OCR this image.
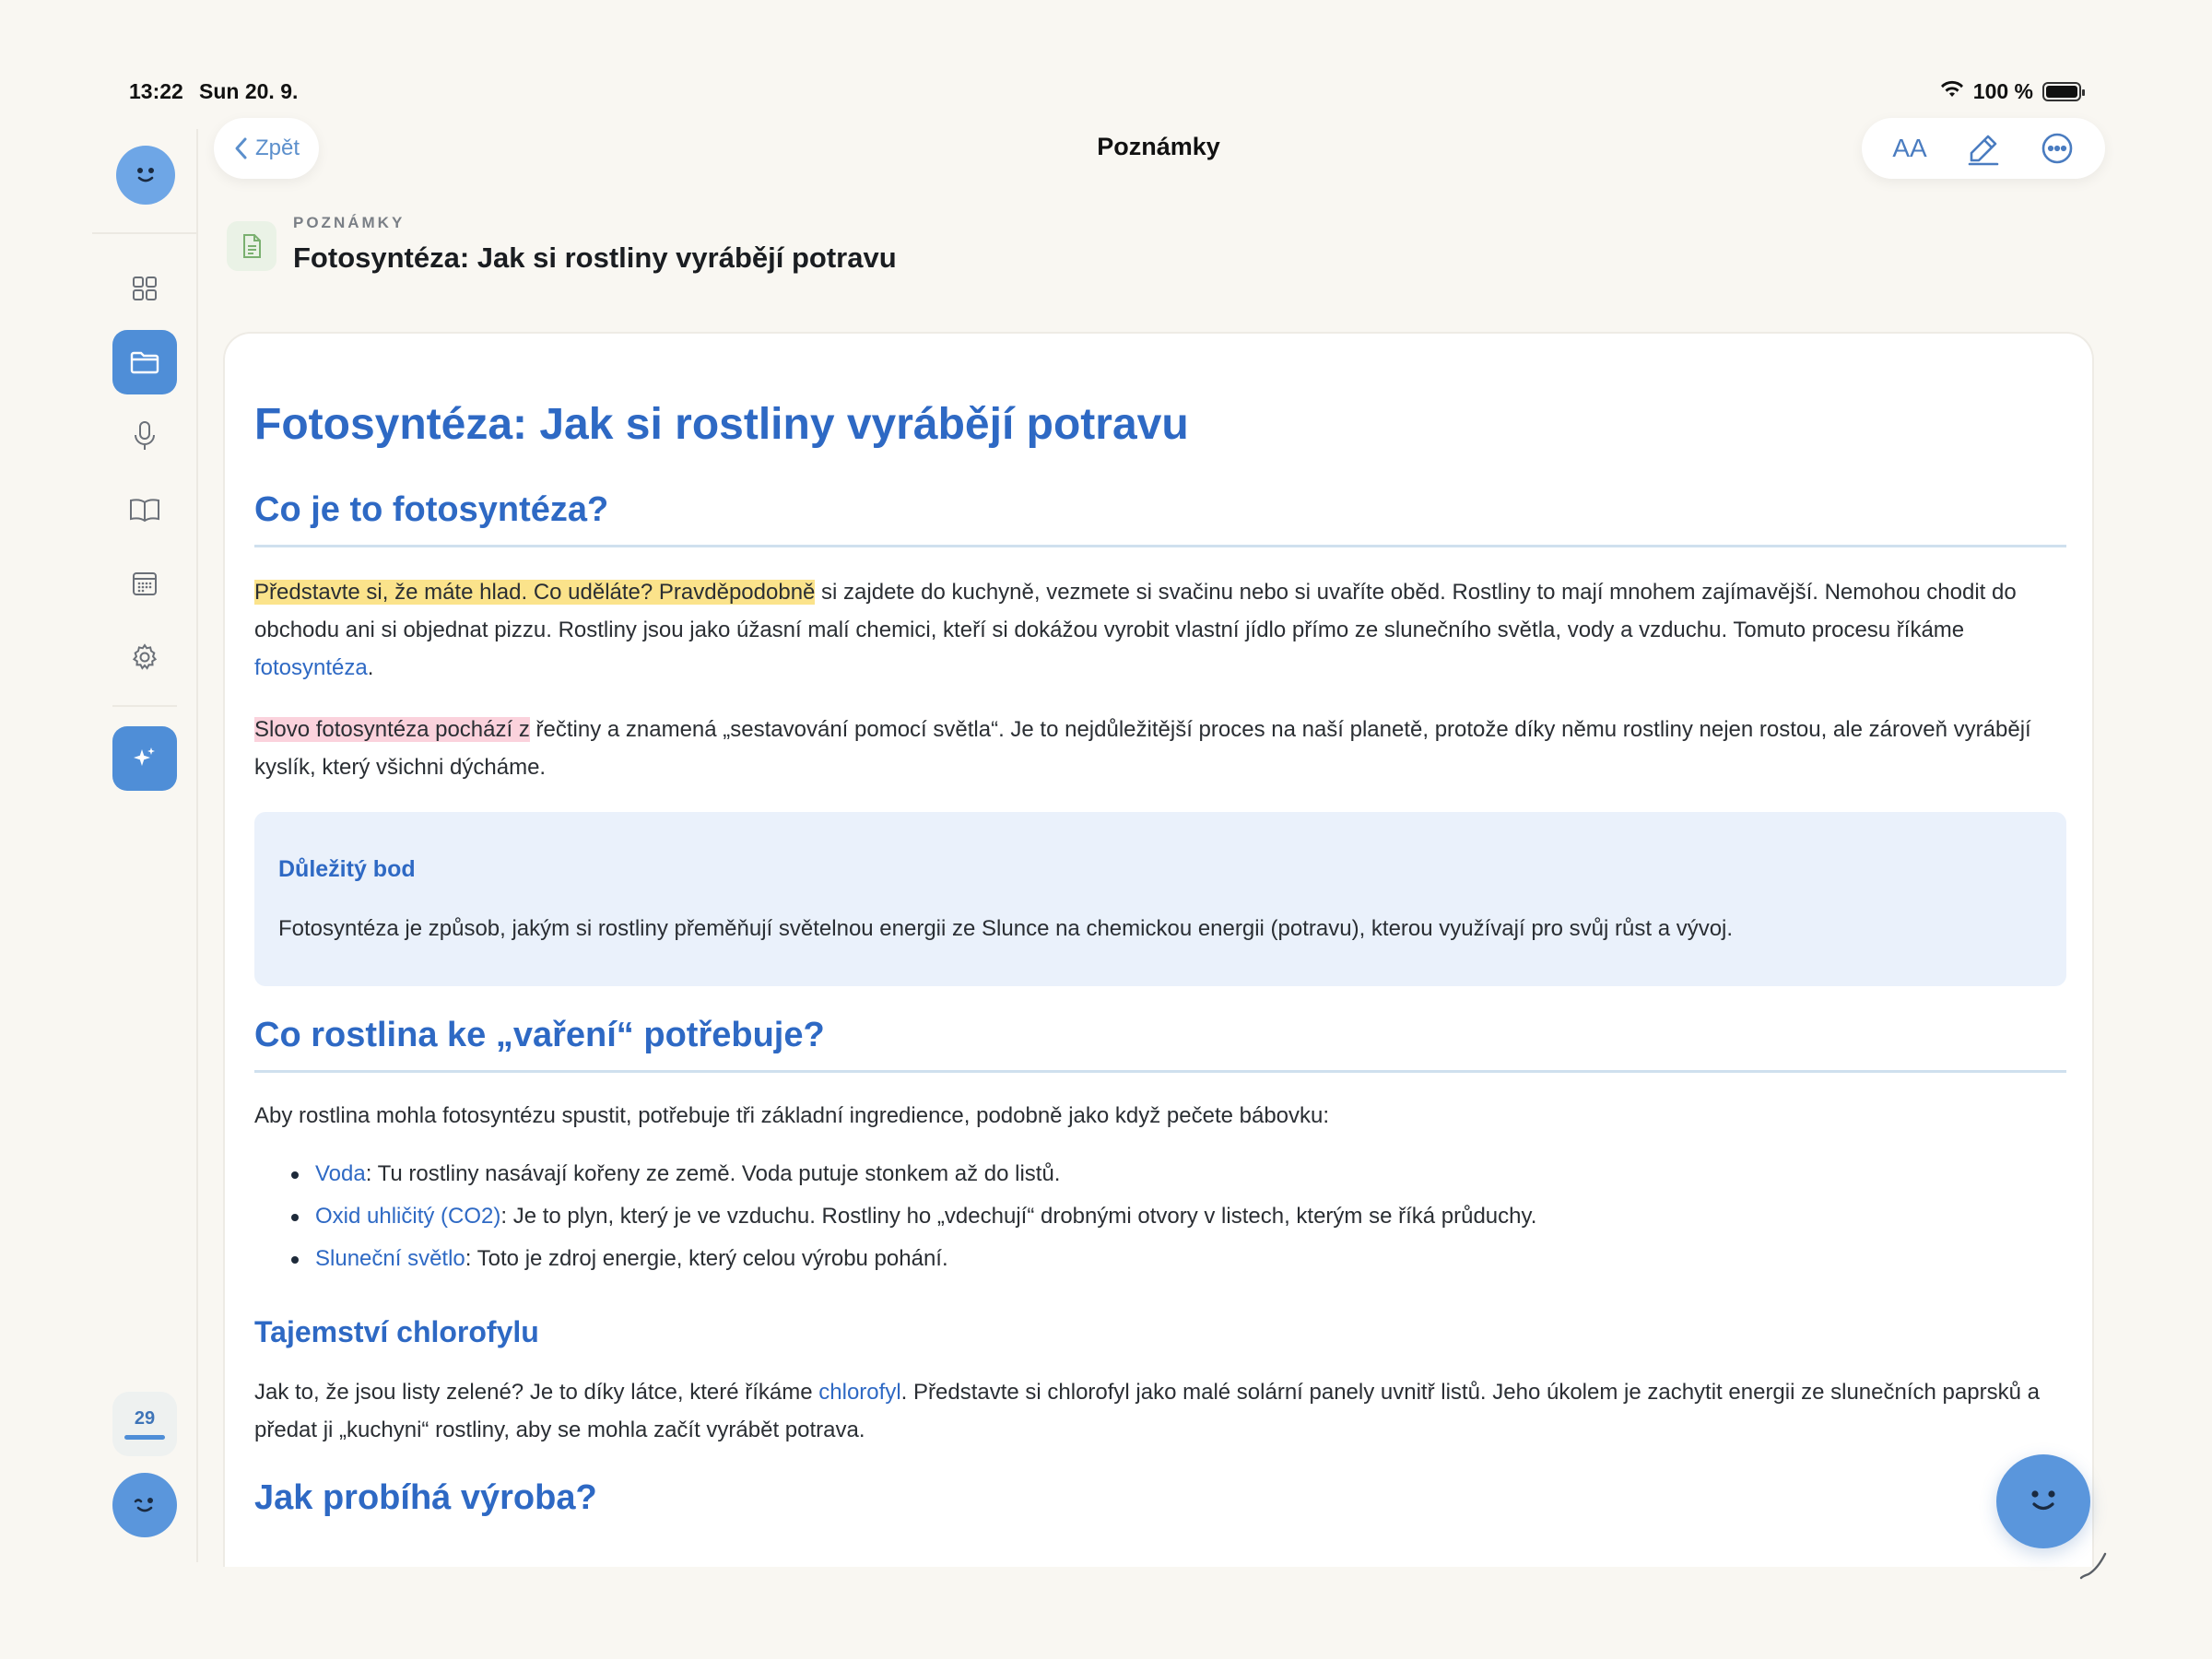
13:22 Sun 20. 9.	100 %
29
Zpět	Poznámky	AA
POZNÁMKY
Fotosyntéza: Jak si rostliny vyrábějí potravu
Fotosyntéza: Jak si rostliny vyrábějí potravu
Co je to fotosyntéza?

Představte si, že máte hlad. Co uděláte? Pravděpodobně si zajdete do kuchyně, vezmete si svačinu nebo si uvaříte oběd. Rostliny to mají mnohem zajímavější. Nemohou chodit do obchodu ani si objednat pizzu. Rostliny jsou jako úžasní malí chemici, kteří si dokážou vyrobit vlastní jídlo přímo ze slunečního světla, vody a vzduchu. Tomuto procesu říkáme fotosyntéza.

Slovo fotosyntéza pochází z řečtiny a znamená „sestavování pomocí světla“. Je to nejdůležitější proces na naší planetě, protože díky němu rostliny nejen rostou, ale zároveň vyrábějí kyslík, který všichni dýcháme.

Důležitý bod
Fotosyntéza je způsob, jakým si rostliny přeměňují světelnou energii ze Slunce na chemickou energii (potravu), kterou využívají pro svůj růst a vývoj.
Co rostlina ke „vaření“ potřebuje?

Aby rostlina mohla fotosyntézu spustit, potřebuje tři základní ingredience, podobně jako když pečete bábovku:

Voda: Tu rostliny nasávají kořeny ze země. Voda putuje stonkem až do listů.
Oxid uhličitý (CO2): Je to plyn, který je ve vzduchu. Rostliny ho „vdechují“ drobnými otvory v listech, kterým se říká průduchy.
Sluneční světlo: Toto je zdroj energie, který celou výrobu pohání.
Tajemství chlorofylu

Jak to, že jsou listy zelené? Je to díky látce, které říkáme chlorofyl. Představte si chlorofyl jako malé solární panely uvnitř listů. Jeho úkolem je zachytit energii ze slunečních paprsků a předat ji „kuchyni“ rostliny, aby se mohla začít vyrábět potrava.

Jak probíhá výroba?
